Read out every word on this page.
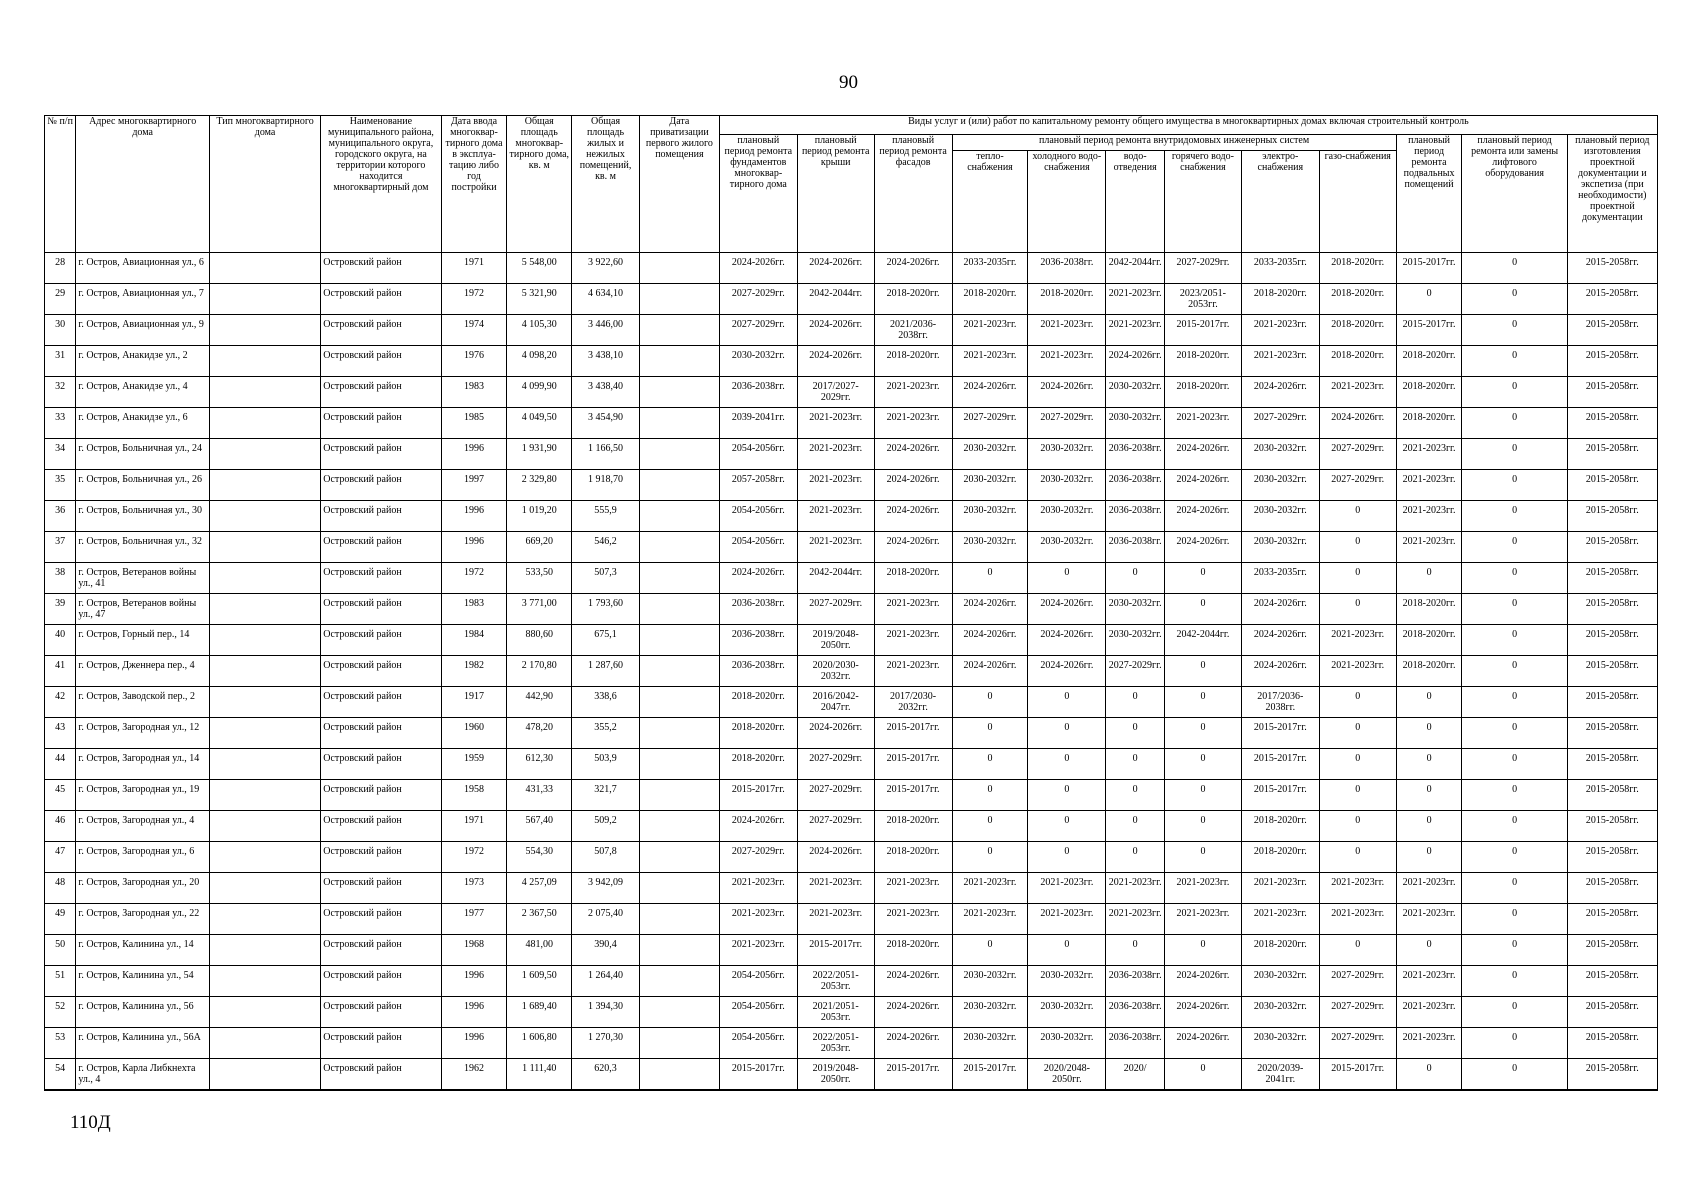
90
№ п/п	Адрес многоквартирного дома	Тип многоквартирного дома	Наименование муниципального района, муниципального округа, городского округа, на территории которого находится многоквартирный дом	Дата ввода многоквар-тирного дома в эксплуа-тацию либо год постройки	Общая площадь многоквар-тирного дома, кв. м	Общая площадь жилых и нежилых помещений, кв. м	Дата приватизации первого жилого помещения	Виды услуг и (или) работ по капитальному ремонту общего имущества в многоквартирных домах включая строительный контроль											
								плановый период ремонта фундаментов многоквар-тирного дома	плановый период ремонта крыши	плановый период ремонта фасадов	плановый период ремонта внутридомовых инженерных систем						плановый период ремонта подвальных помещений	плановый период ремонта или замены лифтового оборудования	плановый период изготовления проектной документации и экспетиза (при необходимости) проектной документации
											тепло-снабжения	холодного водо-снабжения	водо-отведения	горячего водо-снабжения	электро-снабжения	газо-снабжения			
28	г. Остров, Авиационная ул., 6		Островский район	1971	5 548,00	3 922,60		2024-2026гг.	2024-2026гг.	2024-2026гг.	2033-2035гг.	2036-2038гг.	2042-2044гг.	2027-2029гг.	2033-2035гг.	2018-2020гг.	2015-2017гг.	0	2015-2058гг.
29	г. Остров, Авиационная ул., 7		Островский район	1972	5 321,90	4 634,10		2027-2029гг.	2042-2044гг.	2018-2020гг.	2018-2020гг.	2018-2020гг.	2021-2023гг.	2023/2051-2053гг.	2018-2020гг.	2018-2020гг.	0	0	2015-2058гг.
30	г. Остров, Авиационная ул., 9		Островский район	1974	4 105,30	3 446,00		2027-2029гг.	2024-2026гг.	2021/2036-2038гг.	2021-2023гг.	2021-2023гг.	2021-2023гг.	2015-2017гг.	2021-2023гг.	2018-2020гг.	2015-2017гг.	0	2015-2058гг.
31	г. Остров, Анакидзе ул., 2		Островский район	1976	4 098,20	3 438,10		2030-2032гг.	2024-2026гг.	2018-2020гг.	2021-2023гг.	2021-2023гг.	2024-2026гг.	2018-2020гг.	2021-2023гг.	2018-2020гг.	2018-2020гг.	0	2015-2058гг.
32	г. Остров, Анакидзе ул., 4		Островский район	1983	4 099,90	3 438,40		2036-2038гг.	2017/2027-2029гг.	2021-2023гг.	2024-2026гг.	2024-2026гг.	2030-2032гг.	2018-2020гг.	2024-2026гг.	2021-2023гг.	2018-2020гг.	0	2015-2058гг.
33	г. Остров, Анакидзе ул., 6		Островский район	1985	4 049,50	3 454,90		2039-2041гг.	2021-2023гг.	2021-2023гг.	2027-2029гг.	2027-2029гг.	2030-2032гг.	2021-2023гг.	2027-2029гг.	2024-2026гг.	2018-2020гг.	0	2015-2058гг.
34	г. Остров, Больничная ул., 24		Островский район	1996	1 931,90	1 166,50		2054-2056гг.	2021-2023гг.	2024-2026гг.	2030-2032гг.	2030-2032гг.	2036-2038гг.	2024-2026гг.	2030-2032гг.	2027-2029гг.	2021-2023гг.	0	2015-2058гг.
35	г. Остров, Больничная ул., 26		Островский район	1997	2 329,80	1 918,70		2057-2058гг.	2021-2023гг.	2024-2026гг.	2030-2032гг.	2030-2032гг.	2036-2038гг.	2024-2026гг.	2030-2032гг.	2027-2029гг.	2021-2023гг.	0	2015-2058гг.
36	г. Остров, Больничная ул., 30		Островский район	1996	1 019,20	555,9		2054-2056гг.	2021-2023гг.	2024-2026гг.	2030-2032гг.	2030-2032гг.	2036-2038гг.	2024-2026гг.	2030-2032гг.	0	2021-2023гг.	0	2015-2058гг.
37	г. Остров, Больничная ул., 32		Островский район	1996	669,20	546,2		2054-2056гг.	2021-2023гг.	2024-2026гг.	2030-2032гг.	2030-2032гг.	2036-2038гг.	2024-2026гг.	2030-2032гг.	0	2021-2023гг.	0	2015-2058гг.
38	г. Остров, Ветеранов войны ул., 41		Островский район	1972	533,50	507,3		2024-2026гг.	2042-2044гг.	2018-2020гг.	0	0	0	0	2033-2035гг.	0	0	0	2015-2058гг.
39	г. Остров, Ветеранов войны ул., 47		Островский район	1983	3 771,00	1 793,60		2036-2038гг.	2027-2029гг.	2021-2023гг.	2024-2026гг.	2024-2026гг.	2030-2032гг.	0	2024-2026гг.	0	2018-2020гг.	0	2015-2058гг.
40	г. Остров, Горный пер., 14		Островский район	1984	880,60	675,1		2036-2038гг.	2019/2048-2050гг.	2021-2023гг.	2024-2026гг.	2024-2026гг.	2030-2032гг.	2042-2044гг.	2024-2026гг.	2021-2023гг.	2018-2020гг.	0	2015-2058гг.
41	г. Остров, Дженнера пер., 4		Островский район	1982	2 170,80	1 287,60		2036-2038гг.	2020/2030-2032гг.	2021-2023гг.	2024-2026гг.	2024-2026гг.	2027-2029гг.	0	2024-2026гг.	2021-2023гг.	2018-2020гг.	0	2015-2058гг.
42	г. Остров, Заводской пер., 2		Островский район	1917	442,90	338,6		2018-2020гг.	2016/2042-2047гг.	2017/2030-2032гг.	0	0	0	0	2017/2036-2038гг.	0	0	0	2015-2058гг.
43	г. Остров, Загородная ул., 12		Островский район	1960	478,20	355,2		2018-2020гг.	2024-2026гг.	2015-2017гг.	0	0	0	0	2015-2017гг.	0	0	0	2015-2058гг.
44	г. Остров, Загородная ул., 14		Островский район	1959	612,30	503,9		2018-2020гг.	2027-2029гг.	2015-2017гг.	0	0	0	0	2015-2017гг.	0	0	0	2015-2058гг.
45	г. Остров, Загородная ул., 19		Островский район	1958	431,33	321,7		2015-2017гг.	2027-2029гг.	2015-2017гг.	0	0	0	0	2015-2017гг.	0	0	0	2015-2058гг.
46	г. Остров, Загородная ул., 4		Островский район	1971	567,40	509,2		2024-2026гг.	2027-2029гг.	2018-2020гг.	0	0	0	0	2018-2020гг.	0	0	0	2015-2058гг.
47	г. Остров, Загородная ул., 6		Островский район	1972	554,30	507,8		2027-2029гг.	2024-2026гг.	2018-2020гг.	0	0	0	0	2018-2020гг.	0	0	0	2015-2058гг.
48	г. Остров, Загородная ул., 20		Островский район	1973	4 257,09	3 942,09		2021-2023гг.	2021-2023гг.	2021-2023гг.	2021-2023гг.	2021-2023гг.	2021-2023гг.	2021-2023гг.	2021-2023гг.	2021-2023гг.	2021-2023гг.	0	2015-2058гг.
49	г. Остров, Загородная ул., 22		Островский район	1977	2 367,50	2 075,40		2021-2023гг.	2021-2023гг.	2021-2023гг.	2021-2023гг.	2021-2023гг.	2021-2023гг.	2021-2023гг.	2021-2023гг.	2021-2023гг.	2021-2023гг.	0	2015-2058гг.
50	г. Остров, Калинина ул., 14		Островский район	1968	481,00	390,4		2021-2023гг.	2015-2017гг.	2018-2020гг.	0	0	0	0	2018-2020гг.	0	0	0	2015-2058гг.
51	г. Остров, Калинина ул., 54		Островский район	1996	1 609,50	1 264,40		2054-2056гг.	2022/2051-2053гг.	2024-2026гг.	2030-2032гг.	2030-2032гг.	2036-2038гг.	2024-2026гг.	2030-2032гг.	2027-2029гг.	2021-2023гг.	0	2015-2058гг.
52	г. Остров, Калинина ул., 56		Островский район	1996	1 689,40	1 394,30		2054-2056гг.	2021/2051-2053гг.	2024-2026гг.	2030-2032гг.	2030-2032гг.	2036-2038гг.	2024-2026гг.	2030-2032гг.	2027-2029гг.	2021-2023гг.	0	2015-2058гг.
53	г. Остров, Калинина ул., 56А		Островский район	1996	1 606,80	1 270,30		2054-2056гг.	2022/2051-2053гг.	2024-2026гг.	2030-2032гг.	2030-2032гг.	2036-2038гг.	2024-2026гг.	2030-2032гг.	2027-2029гг.	2021-2023гг.	0	2015-2058гг.
54	г. Остров, Карла Либкнехта ул., 4		Островский район	1962	1 111,40	620,3		2015-2017гг.	2019/2048-2050гг.	2015-2017гг.	2015-2017гг.	2020/2048-2050гг.	2020/	0	2020/2039-2041гг.	2015-2017гг.	0	0	2015-2058гг.
110Д
